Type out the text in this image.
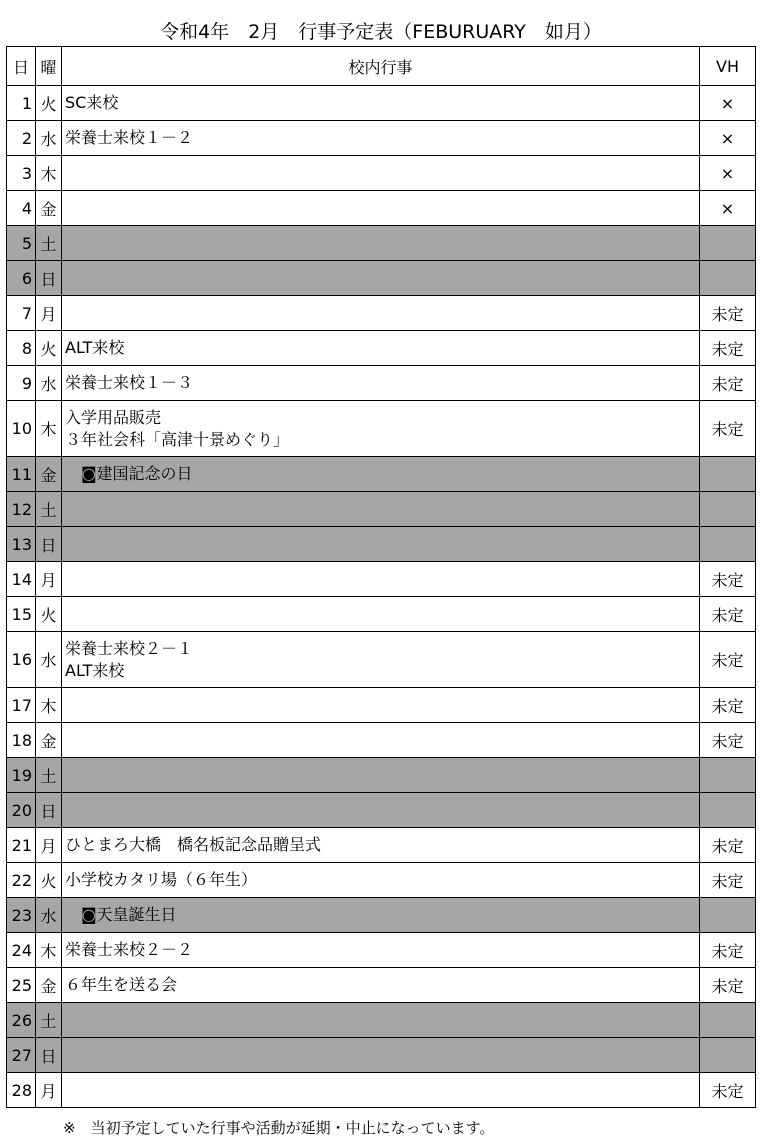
令和4年　2月　行事予定表（FEBURUARY　如月）
日	曜	校内行事	VH
1	火	SC来校	×
2	水	栄養士来校１－２	×
3	木		×
4	金		×
5	土		
6	日		
7	月		未定
8	火	ALT来校	未定
9	水	栄養士来校１－３	未定
10	木	入学用品販売
３年社会科「高津十景めぐり」	未定
11	金	◙建国記念の日	

12	土		
13	日		
14	月		未定
15	火		未定
16	水	栄養士来校２－１
ALT来校	未定
17	木		未定
18	金		未定
19	土		
20	日		
21	月	ひとまろ大橋　橋名板記念品贈呈式	未定
22	火	小学校カタリ場（６年生）	未定
23	水	◙天皇誕生日	

24	木	栄養士来校２－２	未定
25	金	６年生を送る会	未定
26	土		
27	日		
28	月		未定
※　当初予定していた行事や活動が延期・中止になっています。
